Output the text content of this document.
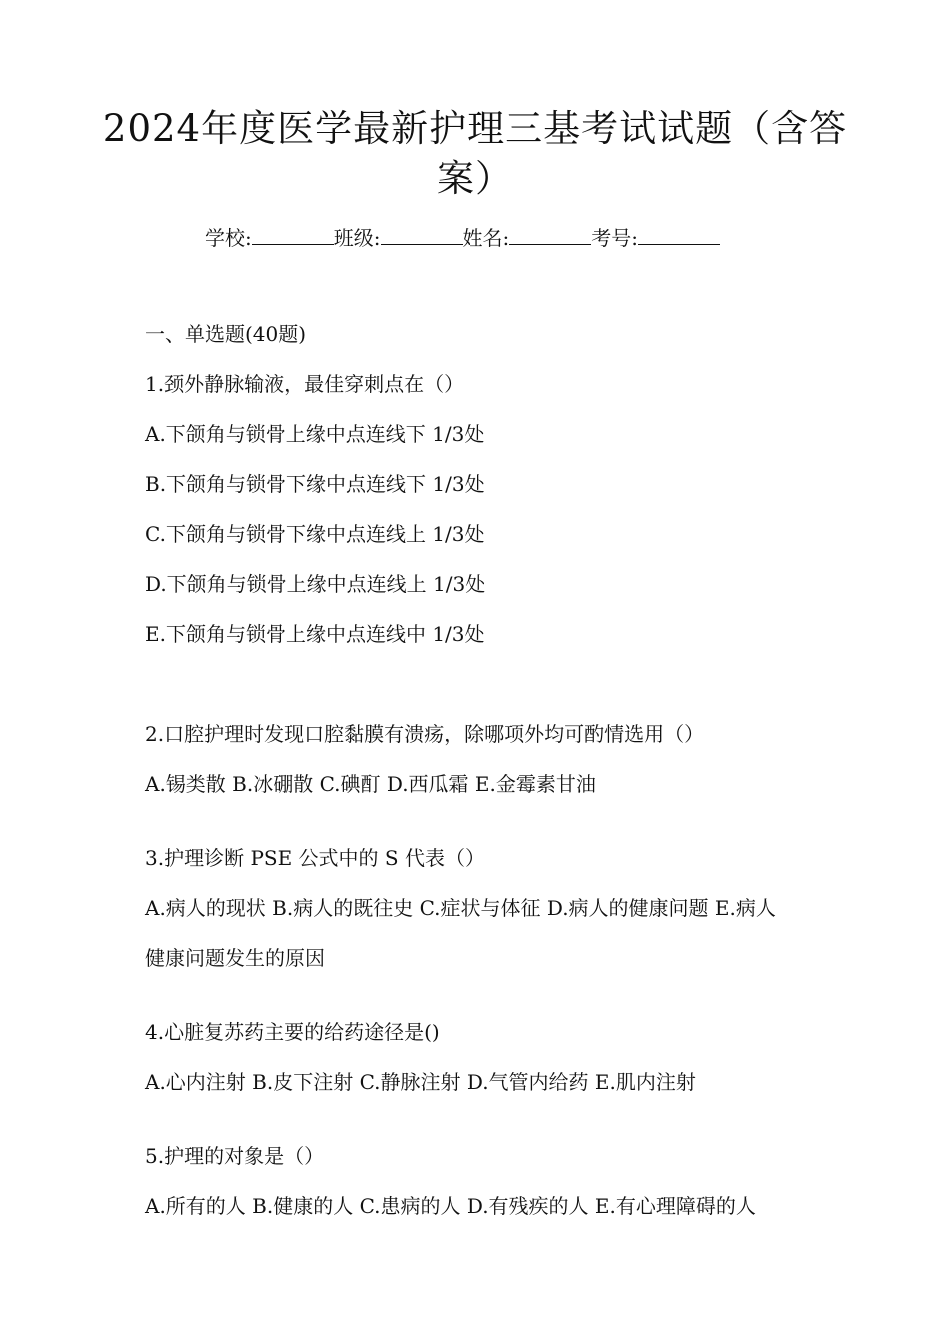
2024年度医学最新护理三基考试试题（含答
案）
学校:	班级:	姓名:	考号:
一、单选题(40题)
1.颈外静脉输液，最佳穿刺点在（）
A.下颌角与锁骨上缘中点连线下 1/3处
B.下颌角与锁骨下缘中点连线下 1/3处
C.下颌角与锁骨下缘中点连线上 1/3处
D.下颌角与锁骨上缘中点连线上 1/3处
E.下颌角与锁骨上缘中点连线中 1/3处
2.口腔护理时发现口腔黏膜有溃疡，除哪项外均可酌情选用（）
A.锡类散 B.冰硼散 C.碘酊 D.西瓜霜 E.金霉素甘油
3.护理诊断 PSE 公式中的 S 代表（）
A.病人的现状 B.病人的既往史 C.症状与体征 D.病人的健康问题 E.病人
健康问题发生的原因
4.心脏复苏药主要的给药途径是()
A.心内注射 B.皮下注射 C.静脉注射 D.气管内给药 E.肌内注射
5.护理的对象是（）
A.所有的人 B.健康的人 C.患病的人 D.有残疾的人 E.有心理障碍的人
